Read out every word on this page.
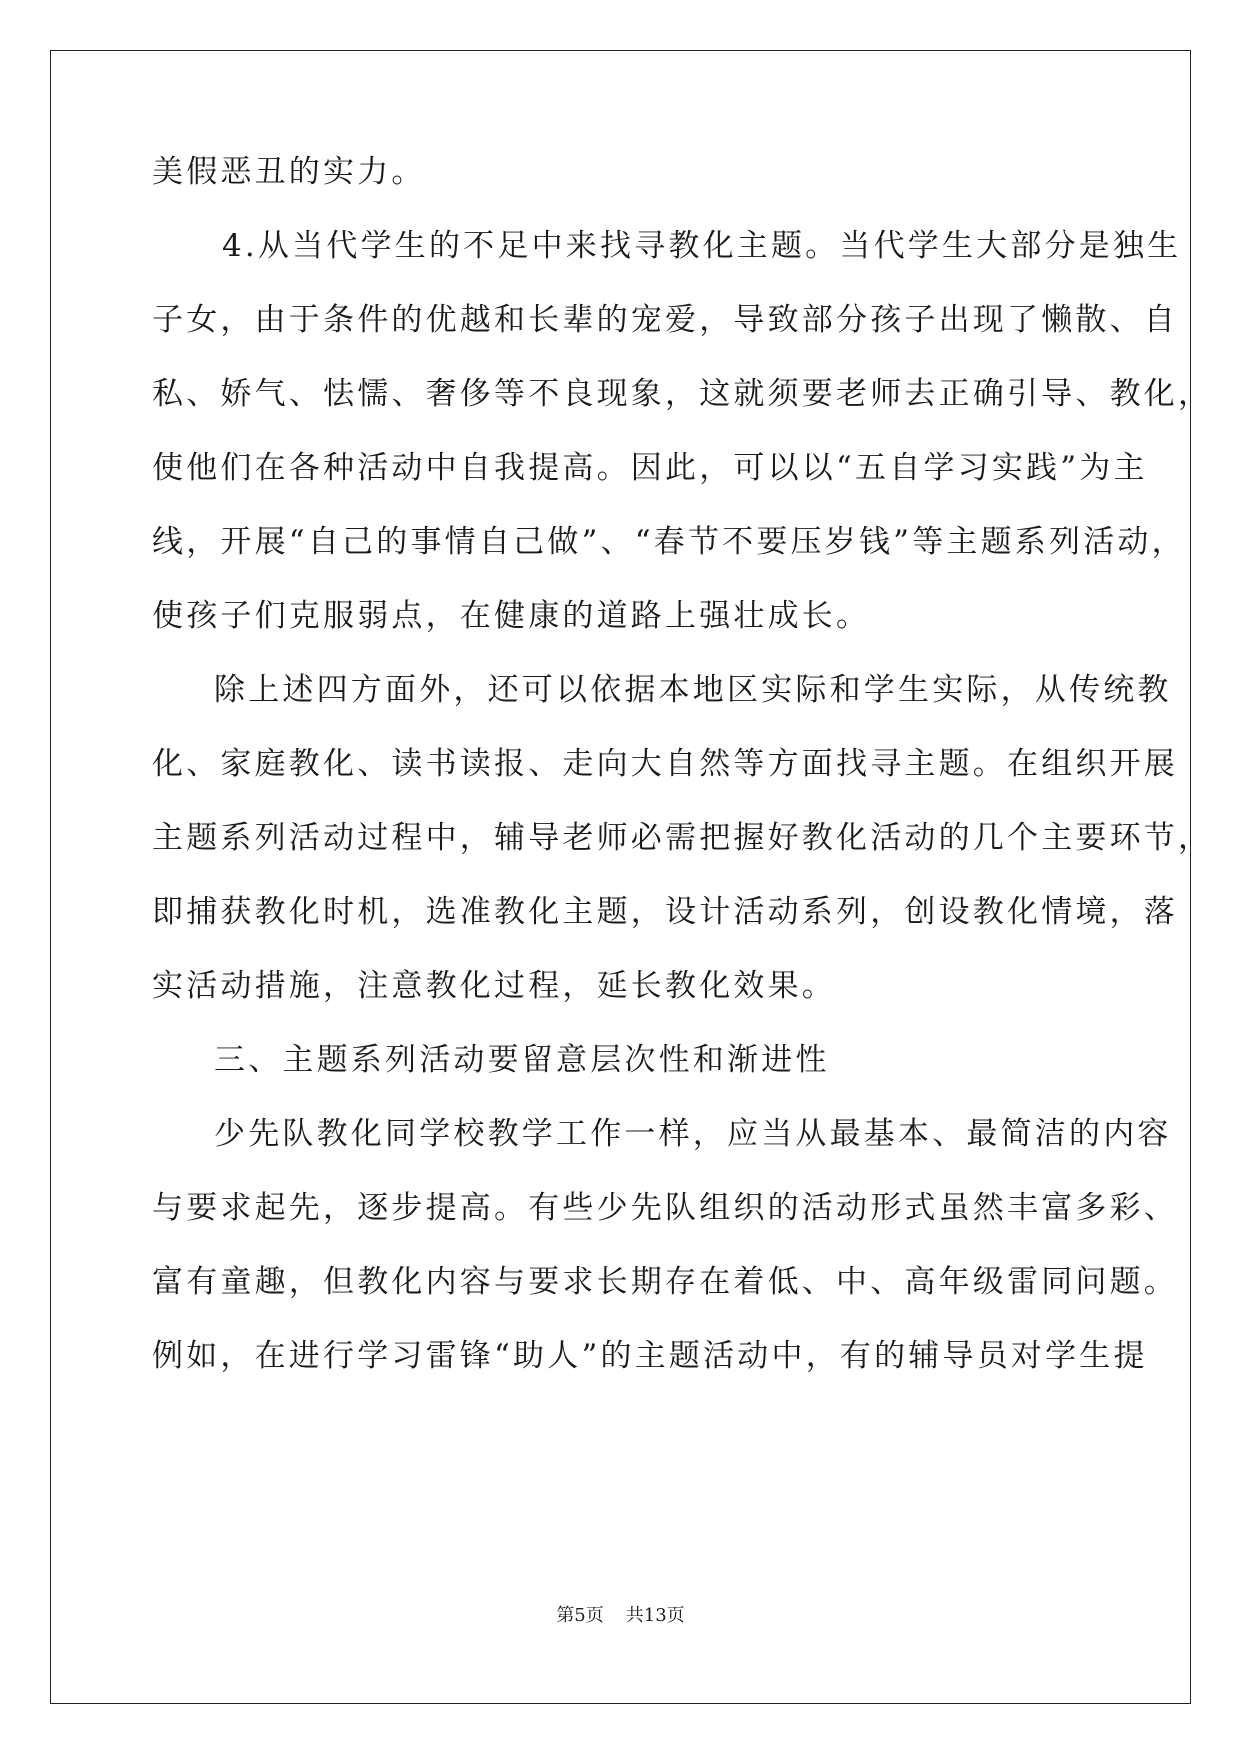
美假恶丑的实力。
4.从当代学生的不足中来找寻教化主题。当代学生大部分是独生
子女，由于条件的优越和长辈的宠爱，导致部分孩子出现了懒散、自
私、娇气、怯懦、奢侈等不良现象，这就须要老师去正确引导、教化，
使他们在各种活动中自我提高。因此，可以以“五自学习实践”为主
线，开展“自己的事情自己做”、“春节不要压岁钱”等主题系列活动，
使孩子们克服弱点，在健康的道路上强壮成长。
除上述四方面外，还可以依据本地区实际和学生实际，从传统教
化、家庭教化、读书读报、走向大自然等方面找寻主题。在组织开展
主题系列活动过程中，辅导老师必需把握好教化活动的几个主要环节，
即捕获教化时机，选准教化主题，设计活动系列，创设教化情境，落
实活动措施，注意教化过程，延长教化效果。
三、主题系列活动要留意层次性和渐进性
少先队教化同学校教学工作一样，应当从最基本、最简洁的内容
与要求起先，逐步提高。有些少先队组织的活动形式虽然丰富多彩、
富有童趣，但教化内容与要求长期存在着低、中、高年级雷同问题。
例如，在进行学习雷锋“助人”的主题活动中，有的辅导员对学生提
第5页 共13页
